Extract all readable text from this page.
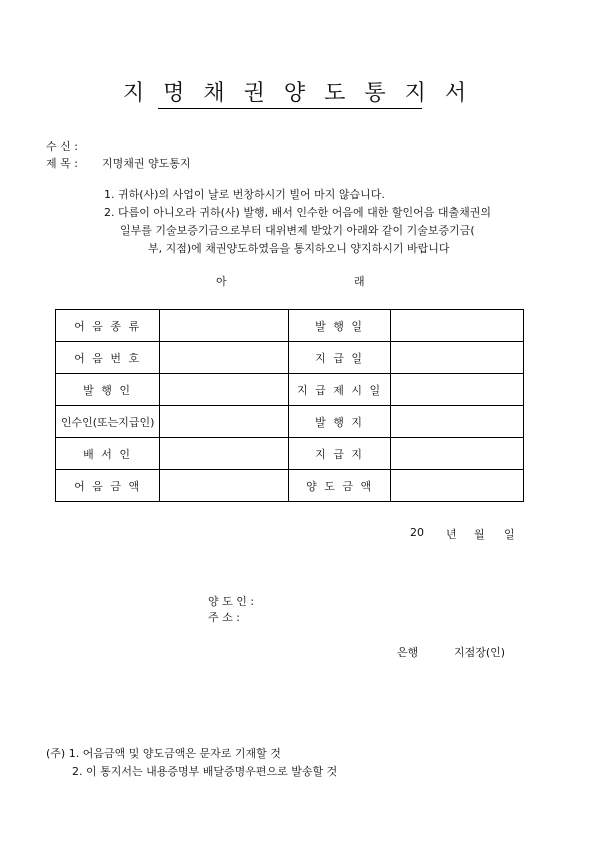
지 명 채 권 양 도 통 지 서
수 신 :
제 목 : 지명채권 양도통지
1. 귀하(사)의 사업이 날로 번창하시기 빌어 마지 않습니다.
2. 다름이 아니오라 귀하(사) 발행, 배서 인수한 어음에 대한 할인어음 대출채권의
일부를 기술보증기금으로부터 대위변제 받았기 아래와 같이 기술보증기금(
부, 지점)에 채권양도하였음을 통지하오니 양지하시기 바랍니다
아	래
어 음 종 류		발 행 일	
어 음 번 호		지 급 일	
발 행 인		지 급 제 시 일	
인수인(또는지급인)		발 행 지	
배 서 인		지 급 지	
어 음 금 액		양 도 금 액	
20 년 월 일
양 도 인 :
주 소 :
은행	지점장(인)
(주) 1. 어음금액 및 양도금액은 문자로 기재할 것
2. 이 통지서는 내용증명부 배달증명우편으로 발송할 것
